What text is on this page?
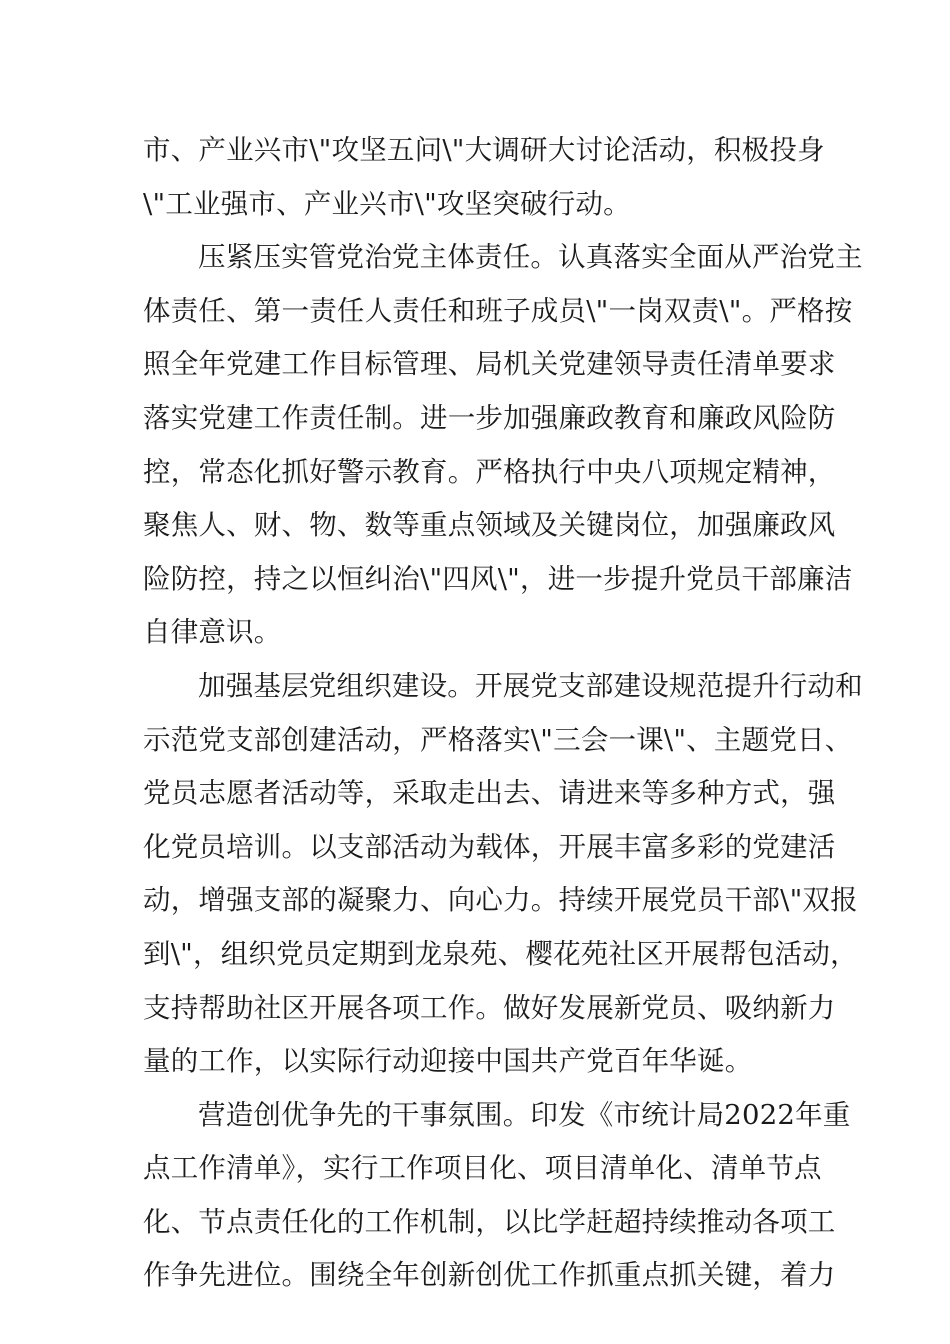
市、产业兴市\"攻坚五问\"大调研大讨论活动，积极投身
\"工业强市、产业兴市\"攻坚突破行动。

压紧压实管党治党主体责任。认真落实全面从严治党主
体责任、第一责任人责任和班子成员\"一岗双责\"。严格按
照全年党建工作目标管理、局机关党建领导责任清单要求
落实党建工作责任制。进一步加强廉政教育和廉政风险防
控，常态化抓好警示教育。严格执行中央八项规定精神，
聚焦人、财、物、数等重点领域及关键岗位，加强廉政风
险防控，持之以恒纠治\"四风\"，进一步提升党员干部廉洁
自律意识。

加强基层党组织建设。开展党支部建设规范提升行动和
示范党支部创建活动，严格落实\"三会一课\"、主题党日、
党员志愿者活动等，采取走出去、请进来等多种方式，强
化党员培训。以支部活动为载体，开展丰富多彩的党建活
动，增强支部的凝聚力、向心力。持续开展党员干部\"双报
到\"，组织党员定期到龙泉苑、樱花苑社区开展帮包活动，
支持帮助社区开展各项工作。做好发展新党员、吸纳新力
量的工作，以实际行动迎接中国共产党百年华诞。

营造创优争先的干事氛围。印发《市统计局2022年重
点工作清单》，实行工作项目化、项目清单化、清单节点
化、节点责任化的工作机制，以比学赶超持续推动各项工
作争先进位。围绕全年创新创优工作抓重点抓关键，着力
